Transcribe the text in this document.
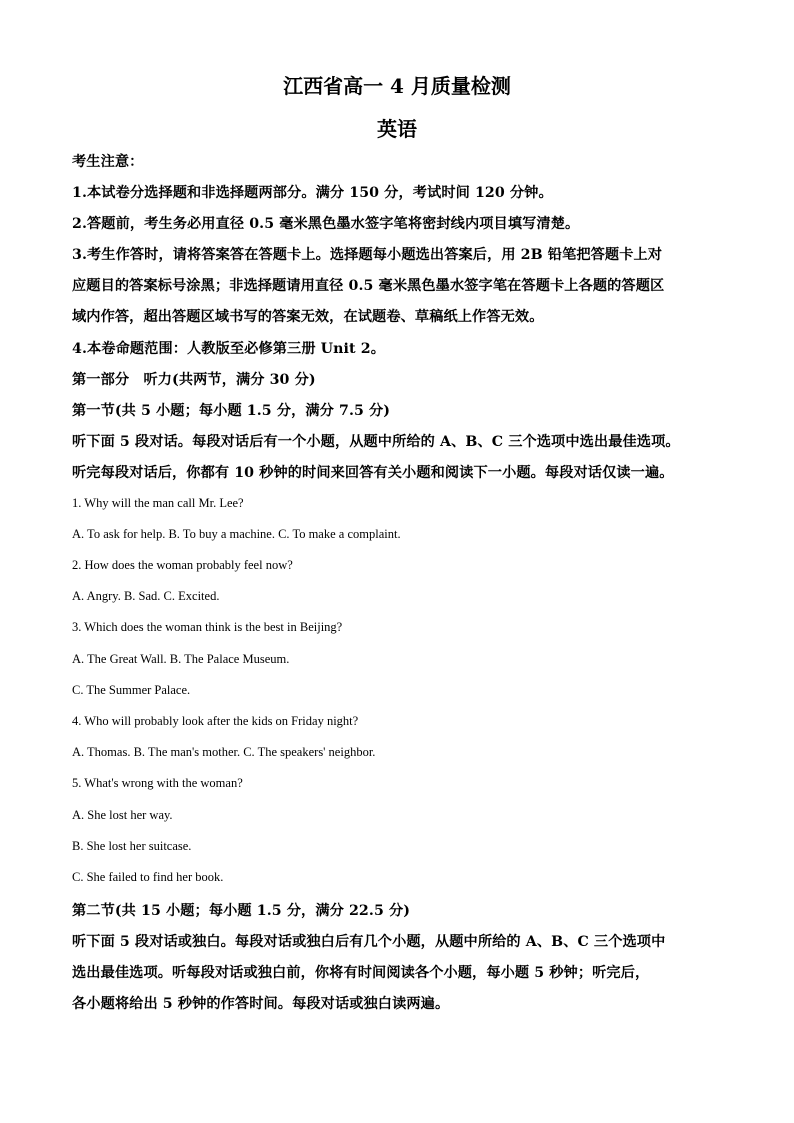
江西省高一 4 月质量检测
英语
考生注意：
1.本试卷分选择题和非选择题两部分。满分 150 分，考试时间 120 分钟。
2.答题前，考生务必用直径 0.5 毫米黑色墨水签字笔将密封线内项目填写清楚。
3.考生作答时，请将答案答在答题卡上。选择题每小题选出答案后，用 2B 铅笔把答题卡上对
应题目的答案标号涂黑；非选择题请用直径 0.5 毫米黑色墨水签字笔在答题卡上各题的答题区
域内作答，超出答题区域书写的答案无效，在试题卷、草稿纸上作答无效。
4.本卷命题范围：人教版至必修第三册 Unit 2。
第一部分　听力(共两节，满分 30 分)
第一节(共 5 小题；每小题 1.5 分，满分 7.5 分)
听下面 5 段对话。每段对话后有一个小题，从题中所给的 A、B、C 三个选项中选出最佳选项。
听完每段对话后，你都有 10 秒钟的时间来回答有关小题和阅读下一小题。每段对话仅读一遍。
1. Why will the man call Mr. Lee?
A. To ask for help. B. To buy a machine. C. To make a complaint.
2. How does the woman probably feel now?
A. Angry. B. Sad. C. Excited.
3. Which does the woman think is the best in Beijing?
A. The Great Wall. B. The Palace Museum.
C. The Summer Palace.
4. Who will probably look after the kids on Friday night?
A. Thomas. B. The man's mother. C. The speakers' neighbor.
5. What's wrong with the woman?
A. She lost her way.
B. She lost her suitcase.
C. She failed to find her book.
第二节(共 15 小题；每小题 1.5 分，满分 22.5 分)
听下面 5 段对话或独白。每段对话或独白后有几个小题，从题中所给的 A、B、C 三个选项中
选出最佳选项。听每段对话或独白前，你将有时间阅读各个小题，每小题 5 秒钟；听完后，
各小题将给出 5 秒钟的作答时间。每段对话或独白读两遍。
